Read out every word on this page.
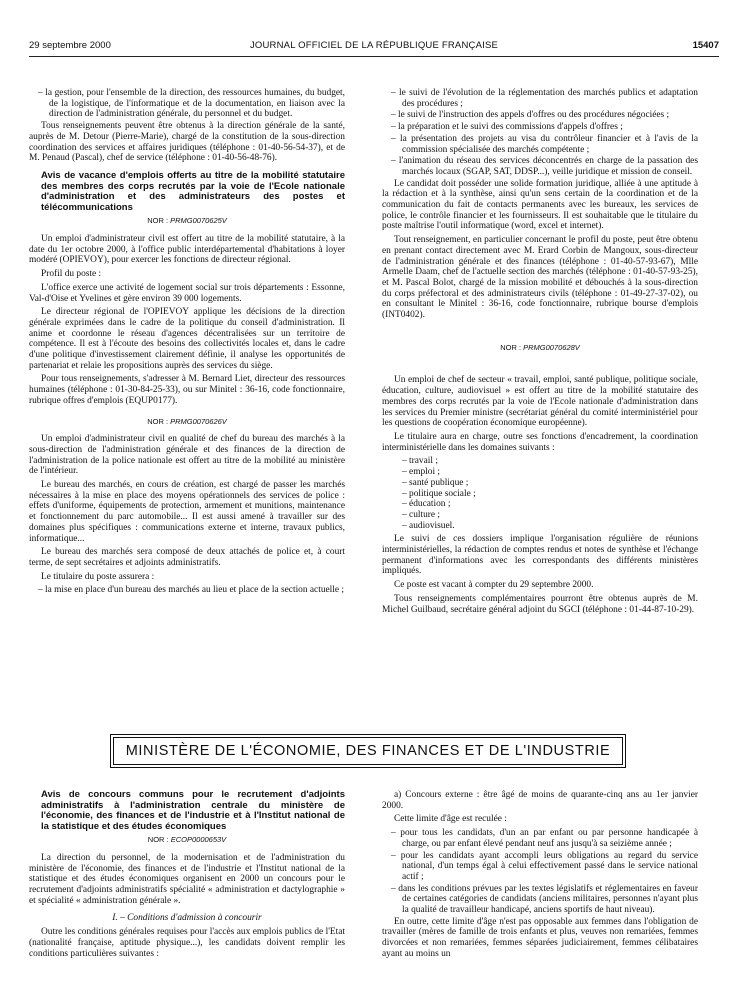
29 septembre 2000	JOURNAL OFFICIEL DE LA RÉPUBLIQUE FRANÇAISE	15407
– la gestion, pour l'ensemble de la direction, des ressources humaines, du budget, de la logistique, de l'informatique et de la documentation, en liaison avec la direction de l'administration générale, du personnel et du budget.

Tous renseignements peuvent être obtenus à la direction générale de la santé, auprès de M. Detour (Pierre-Marie), chargé de la constitution de la sous-direction coordination des services et affaires juridiques (téléphone : 01-40-56-54-37), et de M. Penaud (Pascal), chef de service (téléphone : 01-40-56-48-76).

Avis de vacance d'emplois offerts au titre de la mobilité statutaire des membres des corps recrutés par la voie de l'Ecole nationale d'administration et des administrateurs des postes et télécommunications
NOR : PRMG0070625V

Un emploi d'administrateur civil est offert au titre de la mobilité statutaire, à la date du 1er octobre 2000, à l'office public interdépartemental d'habitations à loyer modéré (OPIEVOY), pour exercer les fonctions de directeur régional.

Profil du poste :

L'office exerce une activité de logement social sur trois départements : Essonne, Val-d'Oise et Yvelines et gère environ 39 000 logements.

Le directeur régional de l'OPIEVOY applique les décisions de la direction générale exprimées dans le cadre de la politique du conseil d'administration. Il anime et coordonne le réseau d'agences décentralisées sur un territoire de compétence. Il est à l'écoute des besoins des collectivités locales et, dans le cadre d'une politique d'investissement clairement définie, il analyse les opportunités de partenariat et relaie les propositions auprès des services du siège.

Pour tous renseignements, s'adresser à M. Bernard Liet, directeur des ressources humaines (téléphone : 01-30-84-25-33), ou sur Minitel : 36-16, code fonctionnaire, rubrique offres d'emplois (EQUP0177).

NOR : PRMG0070626V

Un emploi d'administrateur civil en qualité de chef du bureau des marchés à la sous-direction de l'administration générale et des finances de la direction de l'administration de la police nationale est offert au titre de la mobilité au ministère de l'intérieur.

Le bureau des marchés, en cours de création, est chargé de passer les marchés nécessaires à la mise en place des moyens opérationnels des services de police : effets d'uniforme, équipements de protection, armement et munitions, maintenance et fonctionnement du parc automobile... Il est aussi amené à travailler sur des domaines plus spécifiques : communications externe et interne, travaux publics, informatique...

Le bureau des marchés sera composé de deux attachés de police et, à court terme, de sept secrétaires et adjoints administratifs.

Le titulaire du poste assurera :

– la mise en place d'un bureau des marchés au lieu et place de la section actuelle ;
– le suivi de l'évolution de la réglementation des marchés publics et adaptation des procédures ;
– le suivi de l'instruction des appels d'offres ou des procédures négociées ;
– la préparation et le suivi des commissions d'appels d'offres ;
– la présentation des projets au visa du contrôleur financier et à l'avis de la commission spécialisée des marchés compétente ;
– l'animation du réseau des services déconcentrés en charge de la passation des marchés locaux (SGAP, SAT, DDSP...), veille juridique et mission de conseil.

Le candidat doit posséder une solide formation juridique, alliée à une aptitude à la rédaction et à la synthèse, ainsi qu'un sens certain de la coordination et de la communication du fait de contacts permanents avec les bureaux, les services de police, le contrôle financier et les fournisseurs. Il est souhaitable que le titulaire du poste maîtrise l'outil informatique (word, excel et internet).

Tout renseignement, en particulier concernant le profil du poste, peut être obtenu en prenant contact directement avec M. Erard Corbin de Mangoux, sous-directeur de l'administration générale et des finances (téléphone : 01-40-57-93-67), Mlle Armelle Daam, chef de l'actuelle section des marchés (téléphone : 01-40-57-93-25), et M. Pascal Bolot, chargé de la mission mobilité et débouchés à la sous-direction du corps préfectoral et des administrateurs civils (téléphone : 01-49-27-37-02), ou en consultant le Minitel : 36-16, code fonctionnaire, rubrique bourse d'emplois (INT0402).

NOR : PRMG0070628V

Un emploi de chef de secteur « travail, emploi, santé publique, politique sociale, éducation, culture, audiovisuel » est offert au titre de la mobilité statutaire des membres des corps recrutés par la voie de l'Ecole nationale d'administration dans les services du Premier ministre (secrétariat général du comité interministériel pour les questions de coopération économique européenne).

Le titulaire aura en charge, outre ses fonctions d'encadrement, la coordination interministérielle dans les domaines suivants :

– travail ;
– emploi ;
– santé publique ;
– politique sociale ;
– éducation ;
– culture ;
– audiovisuel.

Le suivi de ces dossiers implique l'organisation régulière de réunions interministérielles, la rédaction de comptes rendus et notes de synthèse et l'échange permanent d'informations avec les correspondants des différents ministères impliqués.

Ce poste est vacant à compter du 29 septembre 2000.

Tous renseignements complémentaires pourront être obtenus auprès de M. Michel Guilbaud, secrétaire général adjoint du SGCI (téléphone : 01-44-87-10-29).

MINISTÈRE DE L'ÉCONOMIE, DES FINANCES ET DE L'INDUSTRIE
Avis de concours communs pour le recrutement d'adjoints administratifs à l'administration centrale du ministère de l'économie, des finances et de l'industrie et à l'Institut national de la statistique et des études économiques
NOR : ECOP0000653V

La direction du personnel, de la modernisation et de l'administration du ministère de l'économie, des finances et de l'industrie et l'Institut national de la statistique et des études économiques organisent en 2000 un concours pour le recrutement d'adjoints administratifs spécialité « administration et dactylographie » et spécialité « administration générale ».

I. – Conditions d'admission à concourir

Outre les conditions générales requises pour l'accès aux emplois publics de l'Etat (nationalité française, aptitude physique...), les candidats doivent remplir les conditions particulières suivantes :

a) Concours externe : être âgé de moins de quarante-cinq ans au 1er janvier 2000.

Cette limite d'âge est reculée :

– pour tous les candidats, d'un an par enfant ou par personne handicapée à charge, ou par enfant élevé pendant neuf ans jusqu'à sa seizième année ;
– pour les candidats ayant accompli leurs obligations au regard du service national, d'un temps égal à celui effectivement passé dans le service national actif ;
– dans les conditions prévues par les textes législatifs et réglementaires en faveur de certaines catégories de candidats (anciens militaires, personnes n'ayant plus la qualité de travailleur handicapé, anciens sportifs de haut niveau).

En outre, cette limite d'âge n'est pas opposable aux femmes dans l'obligation de travailler (mères de famille de trois enfants et plus, veuves non remariées, femmes divorcées et non remariées, femmes séparées judiciairement, femmes célibataires ayant au moins un
